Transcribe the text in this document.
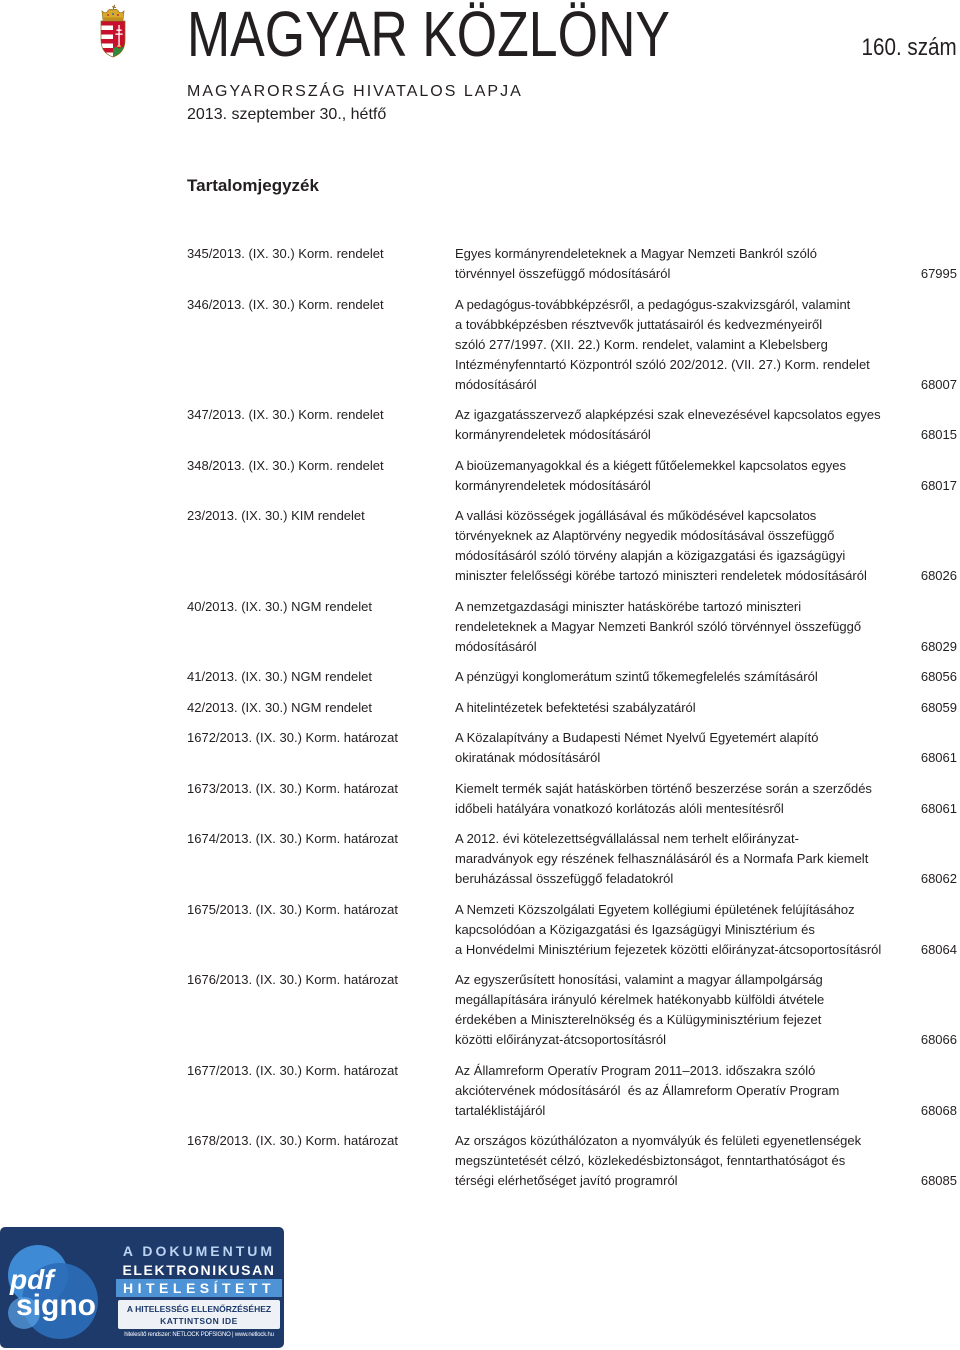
MAGYAR KÖZLÖNY	160. szám
MAGYARORSZÁG HIVATALOS LAPJA
2013. szeptember 30., hétfő
Tartalomjegyzék
345/2013. (IX. 30.) Korm. rendelet	Egyes kormányrendeleteknek a Magyar Nemzeti Bankról szóló
törvénnyel összefüggő módosításáról	67995
346/2013. (IX. 30.) Korm. rendelet	A pedagógus-továbbképzésről, a pedagógus-szakvizsgáról, valamint
a továbbképzésben résztvevők juttatásairól és kedvezményeiről
szóló 277/1997. (XII. 22.) Korm. rendelet, valamint a Klebelsberg
Intézményfenntartó Központról szóló 202/2012. (VII. 27.) Korm. rendelet
módosításáról	68007
347/2013. (IX. 30.) Korm. rendelet	Az igazgatásszervező alapképzési szak elnevezésével kapcsolatos egyes
kormányrendeletek módosításáról	68015
348/2013. (IX. 30.) Korm. rendelet	A bioüzemanyagokkal és a kiégett fűtőelemekkel kapcsolatos egyes
kormányrendeletek módosításáról	68017
23/2013. (IX. 30.) KIM rendelet	A vallási közösségek jogállásával és működésével kapcsolatos
törvényeknek az Alaptörvény negyedik módosításával összefüggő
módosításáról szóló törvény alapján a közigazgatási és igazságügyi
miniszter felelősségi körébe tartozó miniszteri rendeletek módosításáról	68026
40/2013. (IX. 30.) NGM rendelet	A nemzetgazdasági miniszter hatáskörébe tartozó miniszteri
rendeleteknek a Magyar Nemzeti Bankról szóló törvénnyel összefüggő
módosításáról	68029
41/2013. (IX. 30.) NGM rendelet	A pénzügyi konglomerátum szintű tőkemegfelelés számításáról	68056
42/2013. (IX. 30.) NGM rendelet	A hitelintézetek befektetési szabályzatáról	68059
1672/2013. (IX. 30.) Korm. határozat	A Közalapítvány a Budapesti Német Nyelvű Egyetemért alapító
okiratának módosításáról	68061
1673/2013. (IX. 30.) Korm. határozat	Kiemelt termék saját hatáskörben történő beszerzése során a szerződés
időbeli hatályára vonatkozó korlátozás alóli mentesítésről	68061
1674/2013. (IX. 30.) Korm. határozat	A 2012. évi kötelezettségvállalással nem terhelt előirányzat-
maradványok egy részének felhasználásáról és a Normafa Park kiemelt
beruházással összefüggő feladatokról	68062
1675/2013. (IX. 30.) Korm. határozat	A Nemzeti Közszolgálati Egyetem kollégiumi épületének felújításához
kapcsolódóan a Közigazgatási és Igazságügyi Minisztérium és
a Honvédelmi Minisztérium fejezetek közötti előirányzat-átcsoportosításról	68064
1676/2013. (IX. 30.) Korm. határozat	Az egyszerűsített honosítási, valamint a magyar állampolgárság
megállapítására irányuló kérelmek hatékonyabb külföldi átvétele
érdekében a Miniszterelnökség és a Külügyminisztérium fejezet
közötti előirányzat-átcsoportosításról	68066
1677/2013. (IX. 30.) Korm. határozat	Az Államreform Operatív Program 2011–2013. időszakra szóló
akciótervének módosításáról  és az Államreform Operatív Program
tartaléklistájáról	68068
1678/2013. (IX. 30.) Korm. határozat	Az országos közúthálózaton a nyomvályúk és felületi egyenetlenségek
megszüntetését célzó, közlekedésbiztonságot, fenntarthatóságot és
térségi elérhetőséget javító programról	68085
pdf
signo
A DOKUMENTUM
ELEKTRONIKUSAN
HITELESÍTETT
A HITELESSÉG ELLENŐRZÉSÉHEZ
KATTINTSON IDE
hitelesítő rendszer: NETLOCK PDFSIGNO | www.netlock.hu
